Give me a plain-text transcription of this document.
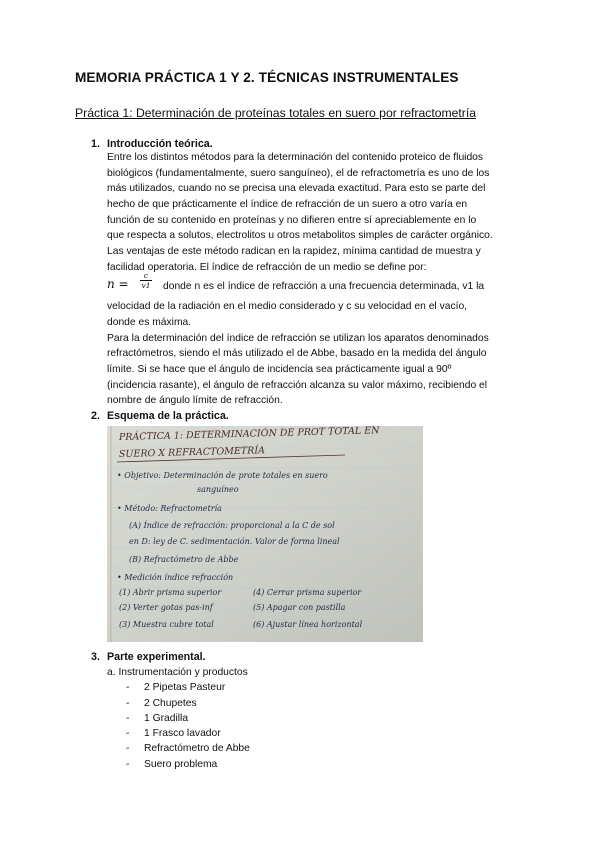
MEMORIA PRÁCTICA 1 Y 2. TÉCNICAS INSTRUMENTALES
Práctica 1: Determinación de proteínas totales en suero por refractometría
1. Introducción teórica.

Entre los distintos métodos para la determinación del contenido proteico de fluidos

biológicos (fundamentalmente, suero sanguíneo), el de refractometría es uno de los

más utilizados, cuando no se precisa una elevada exactitud. Para esto se parte del

hecho de que prácticamente el índice de refracción de un suero a otro varía en

función de su contenido en proteínas y no difieren entre sí apreciablemente en lo

que respecta a solutos, electrolitos u otros metabolitos simples de carácter orgánico.

Las ventajas de este método radican en la rapidez, mínima cantidad de muestra y

facilidad operatoria. El índice de refracción de un medio se define por:

n =
c
v1 donde n es el índice de refracción a una frecuencia determinada, v1 la

velocidad de la radiación en el medio considerado y c su velocidad en el vacío,

donde es máxima.

Para la determinación del índice de refracción se utilizan los aparatos denominados

refractómetros, siendo el más utilizado el de Abbe, basado en la medida del ángulo

límite. Si se hace que el ángulo de incidencia sea prácticamente igual a 90º

(incidencia rasante), el ángulo de refracción alcanza su valor máximo, recibiendo el

nombre de ángulo límite de refracción.

2. Esquema de la práctica.
PRÁCTICA 1: DETERMINACIÓN DE PROT TOTAL EN
SUERO X REFRACTOMETRÍA
• Objetivo: Determinación de prote totales en suero
sanguíneo
• Método: Refractometría
(A) Índice de refracción: proporcional a la C de sol
en D: ley de C. sedimentación. Valor de forma lineal
(B) Refractómetro de Abbe
• Medición índice refracción
(1) Abrir prisma superior	(4) Cerrar prisma superior
(2) Verter gotas pas-inf	(5) Apagar con pastilla
(3) Muestra cubre total	(6) Ajustar línea horizontal
3. Parte experimental.
a. Instrumentación y productos
- 2 Pipetas Pasteur
- 2 Chupetes
- 1 Gradilla
- 1 Frasco lavador
- Refractómetro de Abbe
- Suero problema
